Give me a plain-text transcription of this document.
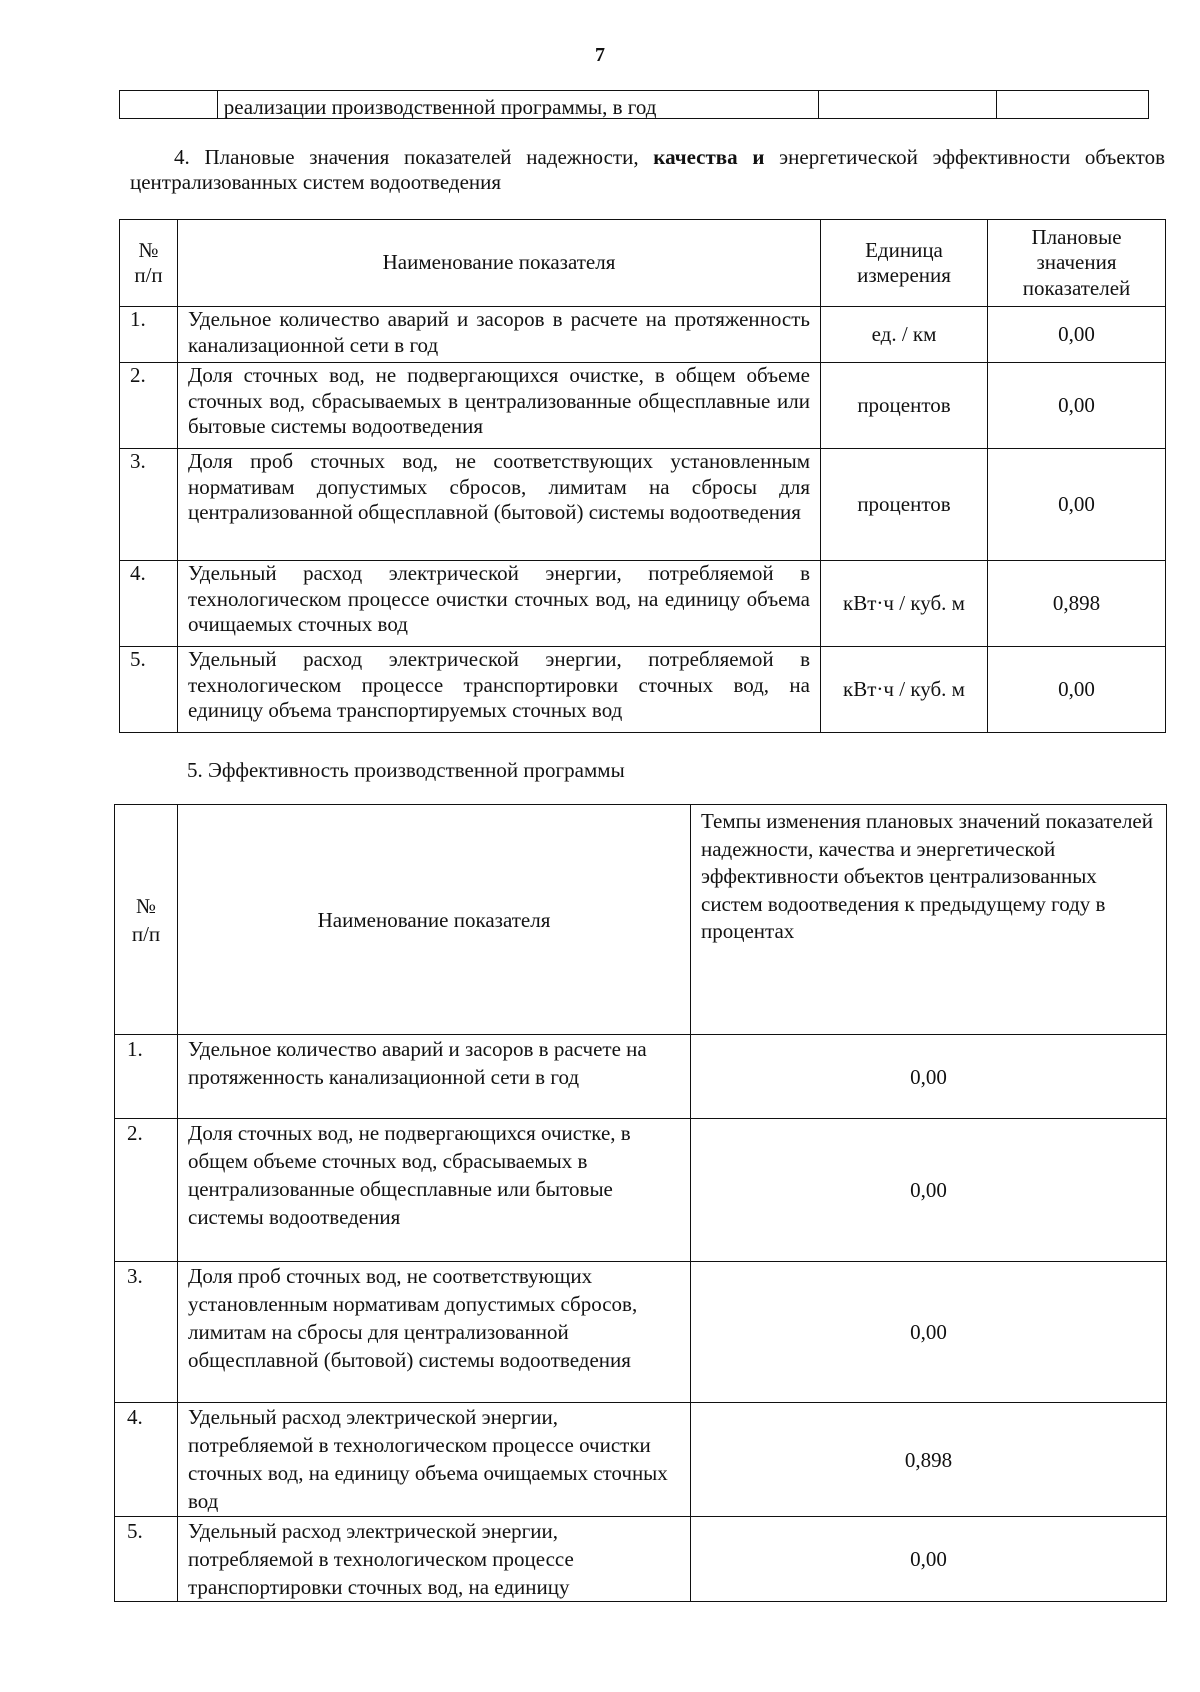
7
	реализации производственной программы, в год		
4. Плановые значения показателей надежности, качества и энергетической эффективности объектов централизованных систем водоотведения
№ п/п	Наименование показателя	Единица измерения	Плановые значения показателей
1.	Удельное количество аварий и засоров в расчете на протяженность канализационной сети в год	ед. / км	0,00
2.	Доля сточных вод, не подвергающихся очистке, в общем объеме сточных вод, сбрасываемых в централизованные общесплавные или бытовые системы водоотведения	процентов	0,00
3.	Доля проб сточных вод, не соответствующих установленным нормативам допустимых сбросов, лимитам на сбросы для централизованной общесплавной (бытовой) системы водоотведения	процентов	0,00
4.	Удельный расход электрической энергии, потребляемой в технологическом процессе очистки сточных вод, на единицу объема очищаемых сточных вод	кВт·ч / куб. м	0,898
5.	Удельный расход электрической энергии, потребляемой в технологическом процессе транспортировки сточных вод, на единицу объема транспортируемых сточных вод	кВт·ч / куб. м	0,00
5. Эффективность производственной программы
№ п/п	Наименование показателя	Темпы изменения плановых значений показателей надежности, качества и энергетической эффективности объектов централизованных систем водоотведения к предыдущему году в процентах
1.	Удельное количество аварий и засоров в расчете на протяженность канализационной сети в год	0,00
2.	Доля сточных вод, не подвергающихся очистке, в общем объеме сточных вод, сбрасываемых в централизованные общесплавные или бытовые системы водоотведения	0,00
3.	Доля проб сточных вод, не соответствующих установленным нормативам допустимых сбросов, лимитам на сбросы для централизованной общесплавной (бытовой) системы водоотведения	0,00
4.	Удельный расход электрической энергии, потребляемой в технологическом процессе очистки сточных вод, на единицу объема очищаемых сточных вод	0,898
5.	Удельный расход электрической энергии, потребляемой в технологическом процессе транспортировки сточных вод, на единицу	0,00
